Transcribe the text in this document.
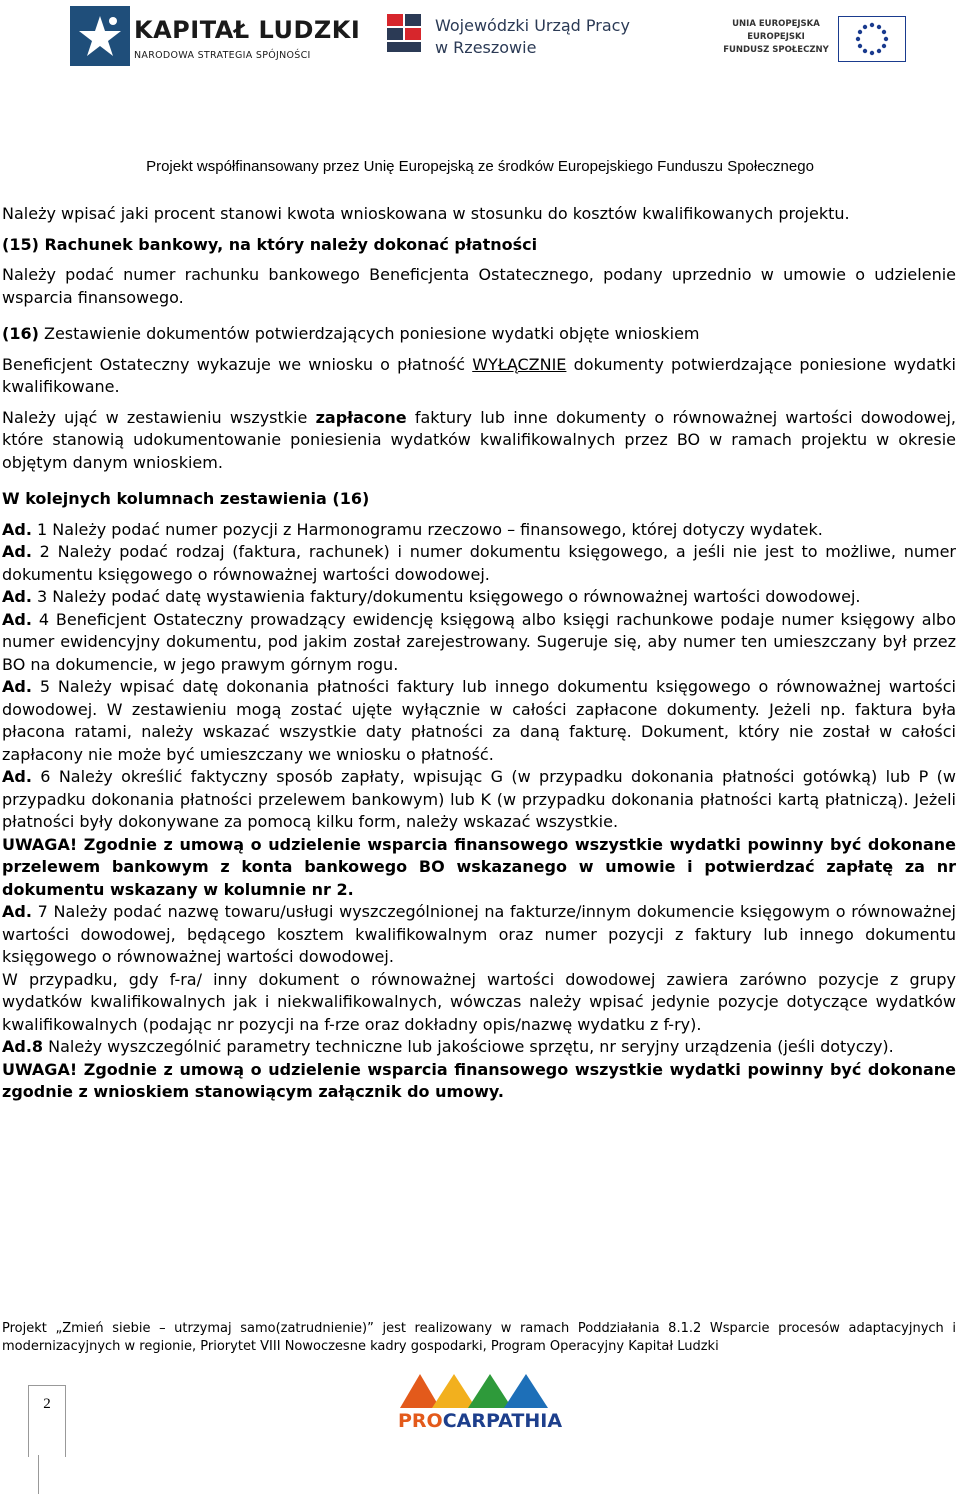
KAPITAŁ LUDZKI
NARODOWA STRATEGIA SPÓJNOŚCI
Wojewódzki Urząd Pracy
w Rzeszowie
UNIA EUROPEJSKA
EUROPEJSKI
FUNDUSZ SPOŁECZNY
Projekt współfinansowany przez Unię Europejską ze środków Europejskiego Funduszu Społecznego

Należy wpisać jaki procent stanowi kwota wnioskowana w stosunku do kosztów kwalifikowanych projektu.

(15) Rachunek bankowy, na który należy dokonać płatności

Należy podać numer rachunku bankowego Beneficjenta Ostatecznego, podany uprzednio w umowie o udzielenie wsparcia finansowego.

(16) Zestawienie dokumentów potwierdzających poniesione wydatki objęte wnioskiem

Beneficjent Ostateczny wykazuje we wniosku o płatność WYŁĄCZNIE dokumenty potwierdzające poniesione wydatki kwalifikowane.

Należy ująć w zestawieniu wszystkie zapłacone faktury lub inne dokumenty o równoważnej wartości dowodowej, które stanowią udokumentowanie poniesienia wydatków kwalifikowalnych przez BO w ramach projektu w okresie objętym danym wnioskiem.

W kolejnych kolumnach zestawienia (16)

Ad. 1 Należy podać numer pozycji z Harmonogramu rzeczowo – finansowego, której dotyczy wydatek.

Ad. 2 Należy podać rodzaj (faktura, rachunek) i numer dokumentu księgowego, a jeśli nie jest to możliwe, numer dokumentu księgowego o równoważnej wartości dowodowej.

Ad. 3 Należy podać datę wystawienia faktury/dokumentu księgowego o równoważnej wartości dowodowej.

Ad. 4 Beneficjent Ostateczny prowadzący ewidencję księgową albo księgi rachunkowe podaje numer księgowy albo numer ewidencyjny dokumentu, pod jakim został zarejestrowany. Sugeruje się, aby numer ten umieszczany był przez BO na dokumencie, w jego prawym górnym rogu.

Ad. 5 Należy wpisać datę dokonania płatności faktury lub innego dokumentu księgowego o równoważnej wartości dowodowej. W zestawieniu mogą zostać ujęte wyłącznie w całości zapłacone dokumenty. Jeżeli np. faktura była płacona ratami, należy wskazać wszystkie daty płatności za daną fakturę. Dokument, który nie został w całości zapłacony nie może być umieszczany we wniosku o płatność.

Ad. 6 Należy określić faktyczny sposób zapłaty, wpisując G (w przypadku dokonania płatności gotówką) lub P (w przypadku dokonania płatności przelewem bankowym) lub K (w przypadku dokonania płatności kartą płatniczą). Jeżeli płatności były dokonywane za pomocą kilku form, należy wskazać wszystkie.

UWAGA! Zgodnie z umową o udzielenie wsparcia finansowego wszystkie wydatki powinny być dokonane przelewem bankowym z konta bankowego BO wskazanego w umowie i potwierdzać zapłatę za nr dokumentu wskazany w kolumnie nr 2.

Ad. 7 Należy podać nazwę towaru/usługi wyszczególnionej na fakturze/innym dokumencie księgowym o równoważnej wartości dowodowej, będącego kosztem kwalifikowalnym oraz numer pozycji z faktury lub innego dokumentu księgowego o równoważnej wartości dowodowej.

W przypadku, gdy f-ra/ inny dokument o równoważnej wartości dowodowej zawiera zarówno pozycje z grupy wydatków kwalifikowalnych jak i niekwalifikowalnych, wówczas należy wpisać jedynie pozycje dotyczące wydatków kwalifikowalnych (podając nr pozycji na f-rze oraz dokładny opis/nazwę wydatku z f-ry).

Ad.8 Należy wyszczególnić parametry techniczne lub jakościowe sprzętu, nr seryjny urządzenia (jeśli dotyczy).

UWAGA! Zgodnie z umową o udzielenie wsparcia finansowego wszystkie wydatki powinny być dokonane zgodnie z wnioskiem stanowiącym załącznik do umowy.

Projekt „Zmień siebie – utrzymaj samo(zatrudnienie)” jest realizowany w ramach Poddziałania 8.1.2 Wsparcie procesów adaptacyjnych i modernizacyjnych w regionie, Priorytet VIII Nowoczesne kadry gospodarki, Program Operacyjny Kapitał Ludzki
2
PROCARPATHIA
